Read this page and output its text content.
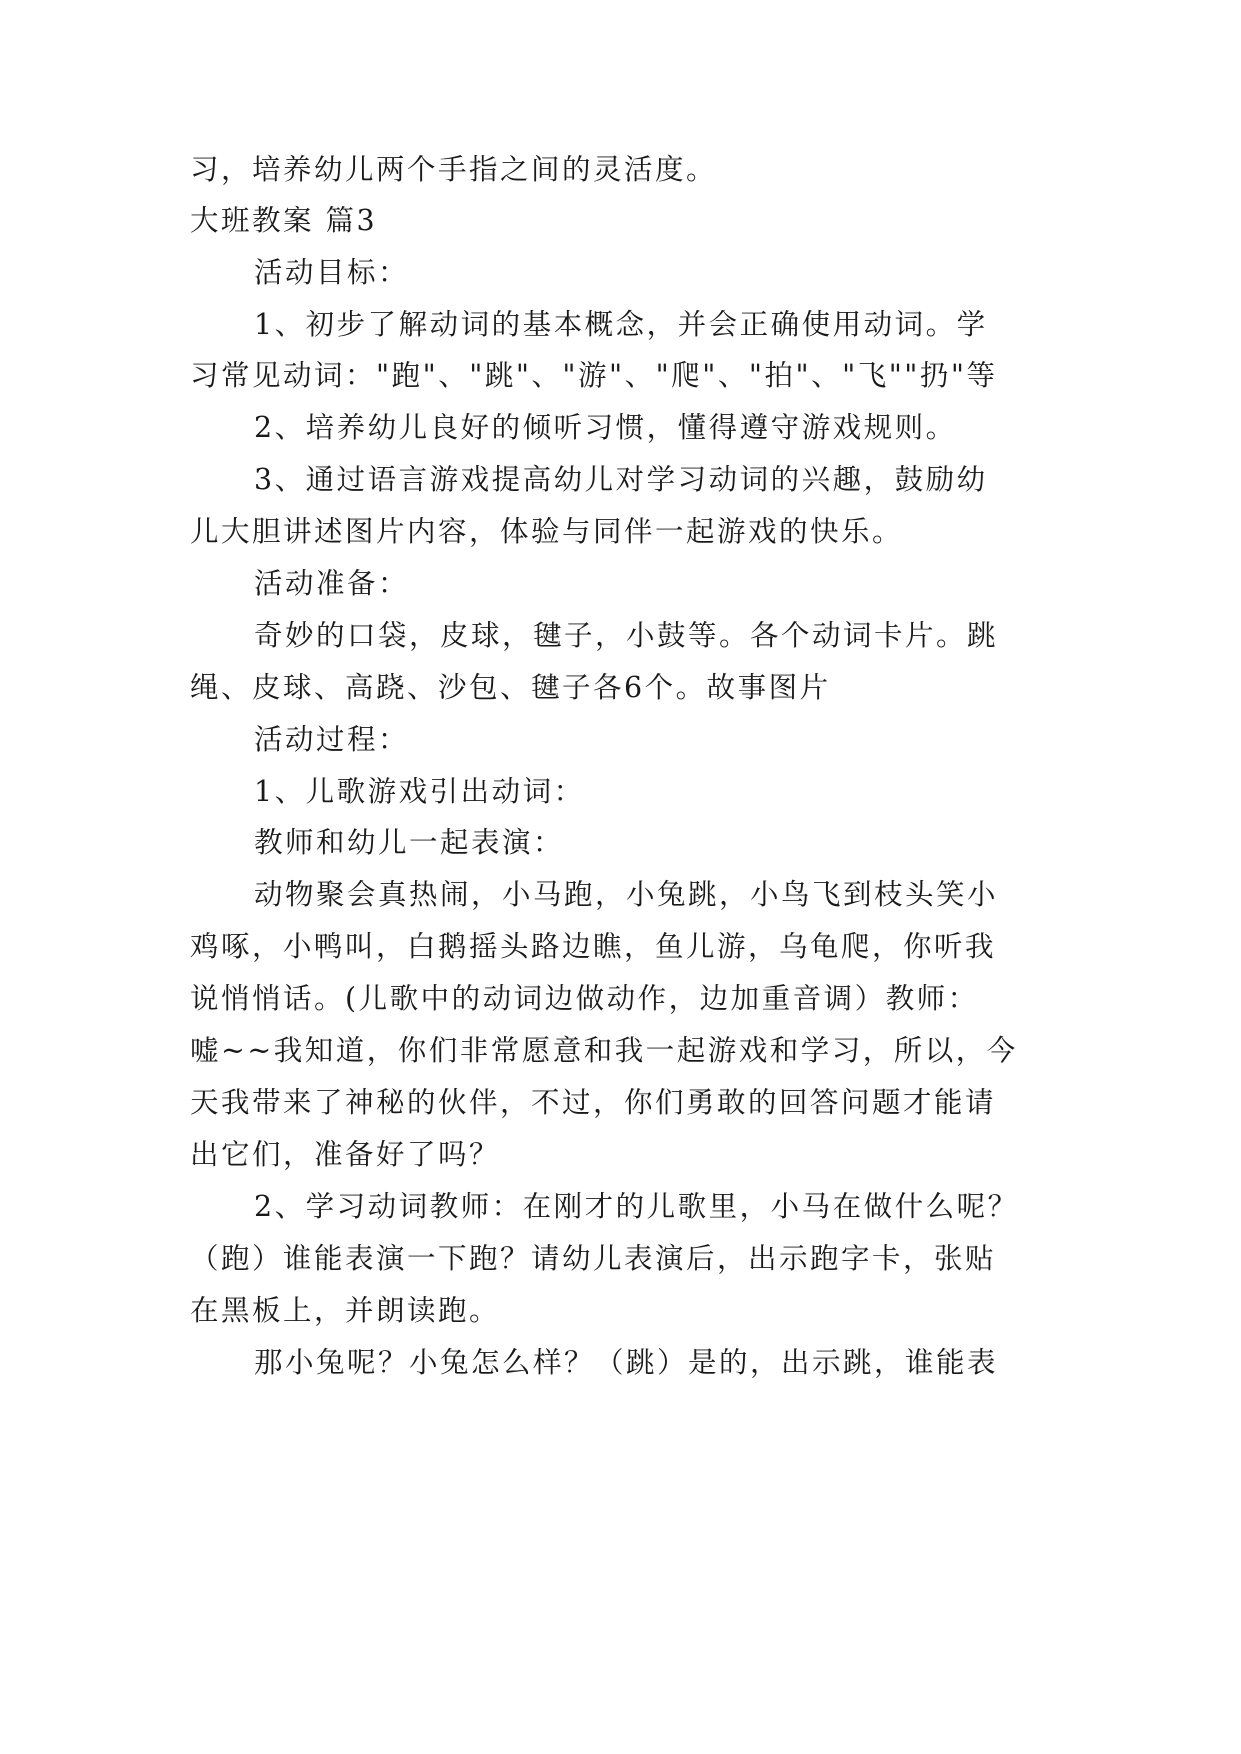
习，培养幼儿两个手指之间的灵活度。
大班教案 篇3
活动目标：
1、初步了解动词的基本概念，并会正确使用动词。学
习常见动词："跑"、"跳"、"游"、"爬"、"拍"、"飞""扔"等
2、培养幼儿良好的倾听习惯，懂得遵守游戏规则。
3、通过语言游戏提高幼儿对学习动词的兴趣，鼓励幼
儿大胆讲述图片内容，体验与同伴一起游戏的快乐。
活动准备：
奇妙的口袋，皮球，毽子，小鼓等。各个动词卡片。跳
绳、皮球、高跷、沙包、毽子各6个。故事图片
活动过程：
1、儿歌游戏引出动词：
教师和幼儿一起表演：
动物聚会真热闹，小马跑，小兔跳，小鸟飞到枝头笑小
鸡啄，小鸭叫，白鹅摇头路边瞧，鱼儿游，乌龟爬，你听我
说悄悄话。(儿歌中的动词边做动作，边加重音调）教师：
嘘~~我知道，你们非常愿意和我一起游戏和学习，所以，今
天我带来了神秘的伙伴，不过，你们勇敢的回答问题才能请
出它们，准备好了吗？
2、学习动词教师：在刚才的儿歌里，小马在做什么呢？
（跑）谁能表演一下跑？请幼儿表演后，出示跑字卡，张贴
在黑板上，并朗读跑。
那小兔呢？小兔怎么样？（跳）是的，出示跳，谁能表
